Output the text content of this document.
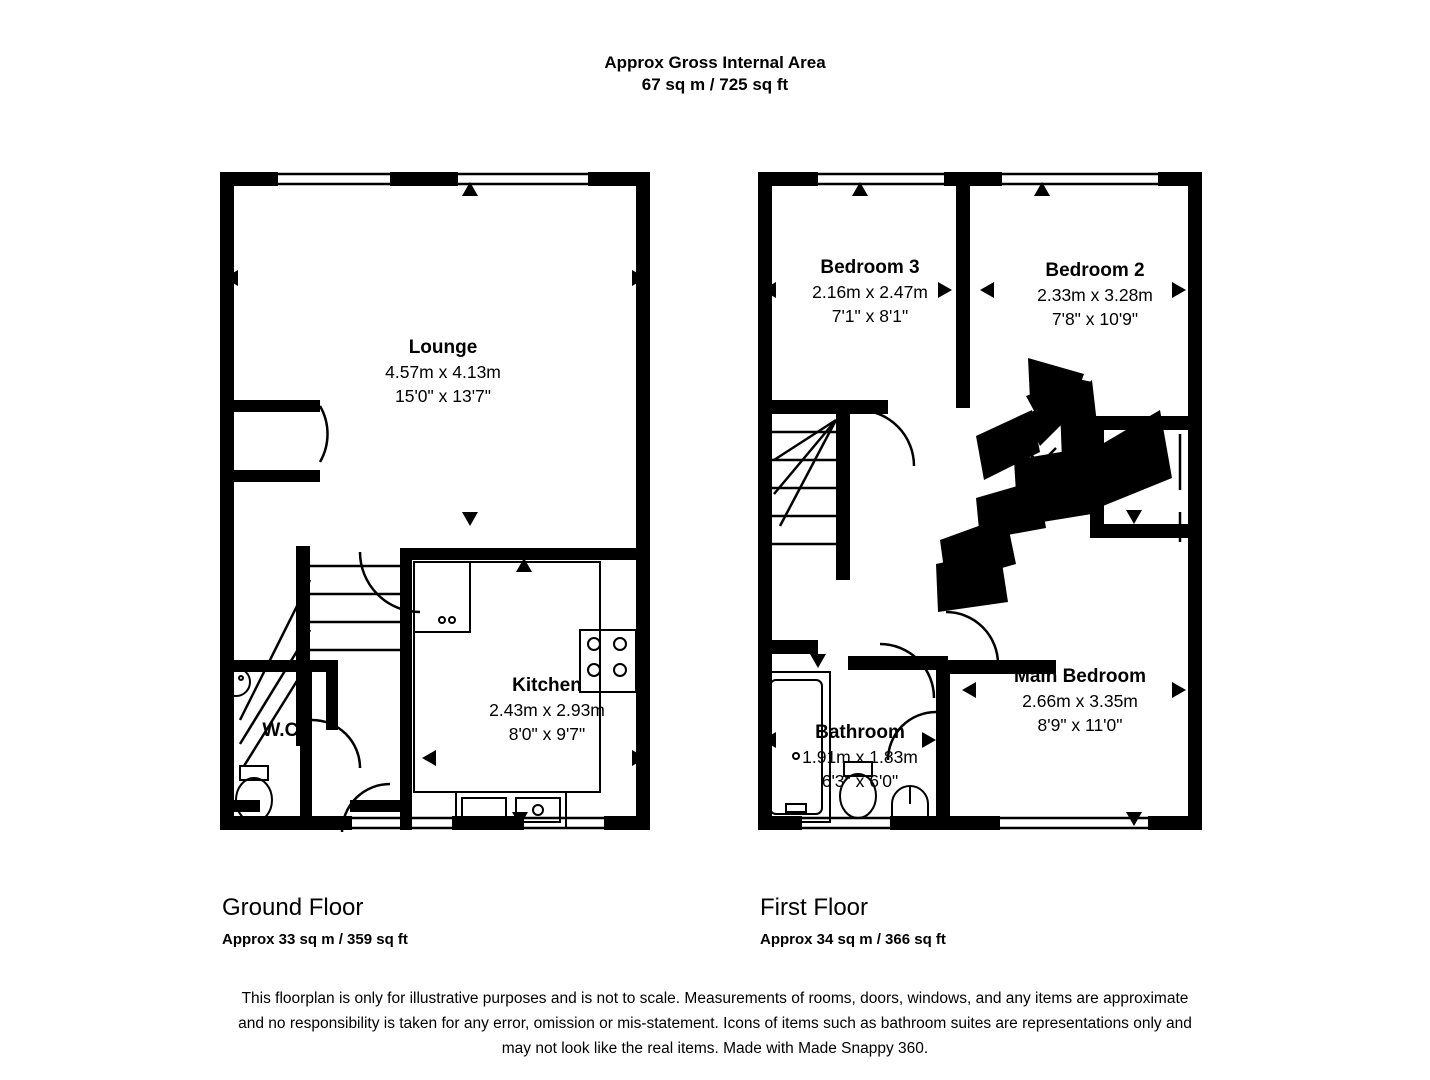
Approx Gross Internal Area
67 sq m / 725 sq ft
Lounge
4.57m x 4.13m
15'0" x 13'7"
Kitchen
2.43m x 2.93m
8'0" x 9'7"
W.C.
Bedroom 3
2.16m x 2.47m
7'1" x 8'1"
Bedroom 2
2.33m x 3.28m
7'8" x 10'9"
Main Bedroom
2.66m x 3.35m
8'9" x 11'0"
Bathroom
1.91m x 1.83m
6'3" x 6'0"
Ground Floor
Approx 33 sq m / 359 sq ft
First Floor
Approx 34 sq m / 366 sq ft
This floorplan is only for illustrative purposes and is not to scale. Measurements of rooms, doors, windows, and any items are approximate
and no responsibility is taken for any error, omission or mis-statement. Icons of items such as bathroom suites are representations only and
may not look like the real items. Made with Made Snappy 360.
